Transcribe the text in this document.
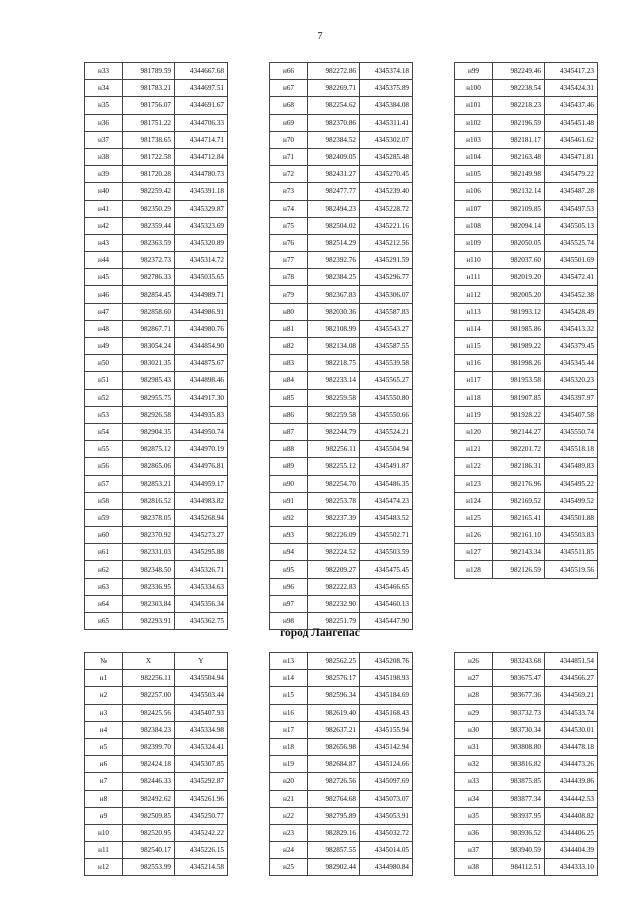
7
н33	981789.59	4344667.68
н34	981783.21	4344697.51
н35	981756.07	4344691.67
н36	981751.22	4344706.33
н37	981738.65	4344714.71
н38	981722.58	4344712.84
н39	981720.28	4344780.73
н40	982259.42	4345391.18
н41	982350.29	4345329.87
н42	982359.44	4345323.69
н43	982363.59	4345320.89
н44	982372.73	4345314.72
н45	982786.33	4345035.65
н46	982854.45	4344989.71
н47	982858.60	4344986.91
н48	982867.71	4344980.76
н49	983054.24	4344854.90
н50	983021.35	4344875.67
н51	982985.43	4344898.46
н52	982955.75	4344917.30
н53	982926.58	4344935.83
н54	982904.35	4344950.74
н55	982875.12	4344970.19
н56	982865.06	4344976.81
н57	982853.21	4344959.17
н58	982816.52	4344983.82
н59	982378.05	4345268.94
н60	982370.92	4345273.27
н61	982331.03	4345295.88
н62	982348.50	4345326.71
н63	982336.95	4345334.63
н64	982303.84	4345356.34
н65	982293.91	4345362.75
н66	982272.86	4345374.18
н67	982269.71	4345375.89
н68	982254.62	4345384.08
н69	982370.86	4345311.41
н70	982384.52	4345302.07
н71	982409.05	4345285.48
н72	982431.27	4345270.45
н73	982477.77	4345239.40
н74	982494.23	4345228.72
н75	982504.02	4345221.16
н76	982514.29	4345212.56
н77	982392.76	4345291.59
н78	982384.25	4345296.77
н79	982367.83	4345306.07
н80	982030.36	4345587.83
н81	982108.99	4345543.27
н82	982134.08	4345587.55
н83	982218.75	4345539.58
н84	982233.14	4345565.27
н85	982259.58	4345550.80
н86	982259.58	4345550.66
н87	982244.79	4345524.21
н88	982256.11	4345504.94
н89	982255.12	4345491.87
н90	982254.70	4345486.35
н91	982253.78	4345474.23
н92	982237.39	4345483.52
н93	982226.09	4345502.71
н94	982224.52	4345503.59
н95	982209.27	4345475.45
н96	982222.83	4345466.65
н97	982232.90	4345460.13
н98	982251.79	4345447.90
н99	982249.46	4345417.23
н100	982238.54	4345424.31
н101	982218.23	4345437.46
н102	982196.59	4345451.48
н103	982181.17	4345461.62
н104	982163.48	4345471.81
н105	982149.98	4345479.22
н106	982132.14	4345487.28
н107	982109.85	4345497.53
н108	982094.14	4345505.13
н109	982050.05	4345525.74
н110	982037.60	4345501.69
н111	982019.20	4345472.41
н112	982005.20	4345452.38
н113	981993.12	4345428.49
н114	981985.86	4345413.32
н115	981989.22	4345379.45
н116	981998.26	4345345.44
н117	981953.58	4345320.23
н118	981907.85	4345397.97
н119	981928.22	4345407.58
н120	982144.27	4345550.74
н121	982201.72	4345518.18
н122	982186.31	4345489.83
н123	982176.96	4345495.22
н124	982169.52	4345499.52
н125	982165.41	4345501.88
н126	982161.10	4345503.83
н127	982143.34	4345511.85
н128	982126.59	4345519.56
город Лангепас
№	X	Y
н1	982256.11	4345504.94
н2	982257.00	4345503.44
н3	982425.56	4345407.93
н4	982384.23	4345334.98
н5	982399.70	4345324.41
н6	982424.18	4345307.85
н7	982446.33	4345292.87
н8	982492.62	4345261.96
н9	982509.85	4345250.77
н10	982520.95	4345242.22
н11	982540.17	4345226.15
н12	982553.99	4345214.58
н13	982562.25	4345208.76
н14	982576.17	4345198.93
н15	982596.34	4345184.69
н16	982619.40	4345168.43
н17	982637.21	4345155.94
н18	982656.98	4345142.94
н19	982684.87	4345124.66
н20	982726.56	4345097.69
н21	982764.68	4345073.07
н22	982795.89	4345053.91
н23	982829.16	4345032.72
н24	982857.55	4345014.05
н25	982902.44	4344980.84
н26	983243.68	4344851.54
н27	983675.47	4344566.27
н28	983677.36	4344569.21
н29	983732.73	4344533.74
н30	983730.34	4344530.01
н31	983808.80	4344478.18
н32	983816.82	4344473.26
н33	983875.85	4344439.86
н34	983877.34	4344442.53
н35	983937.95	4344408.82
н36	983936.52	4344406.25
н37	983940.59	4344404.39
н38	984112.51	4344333.10
